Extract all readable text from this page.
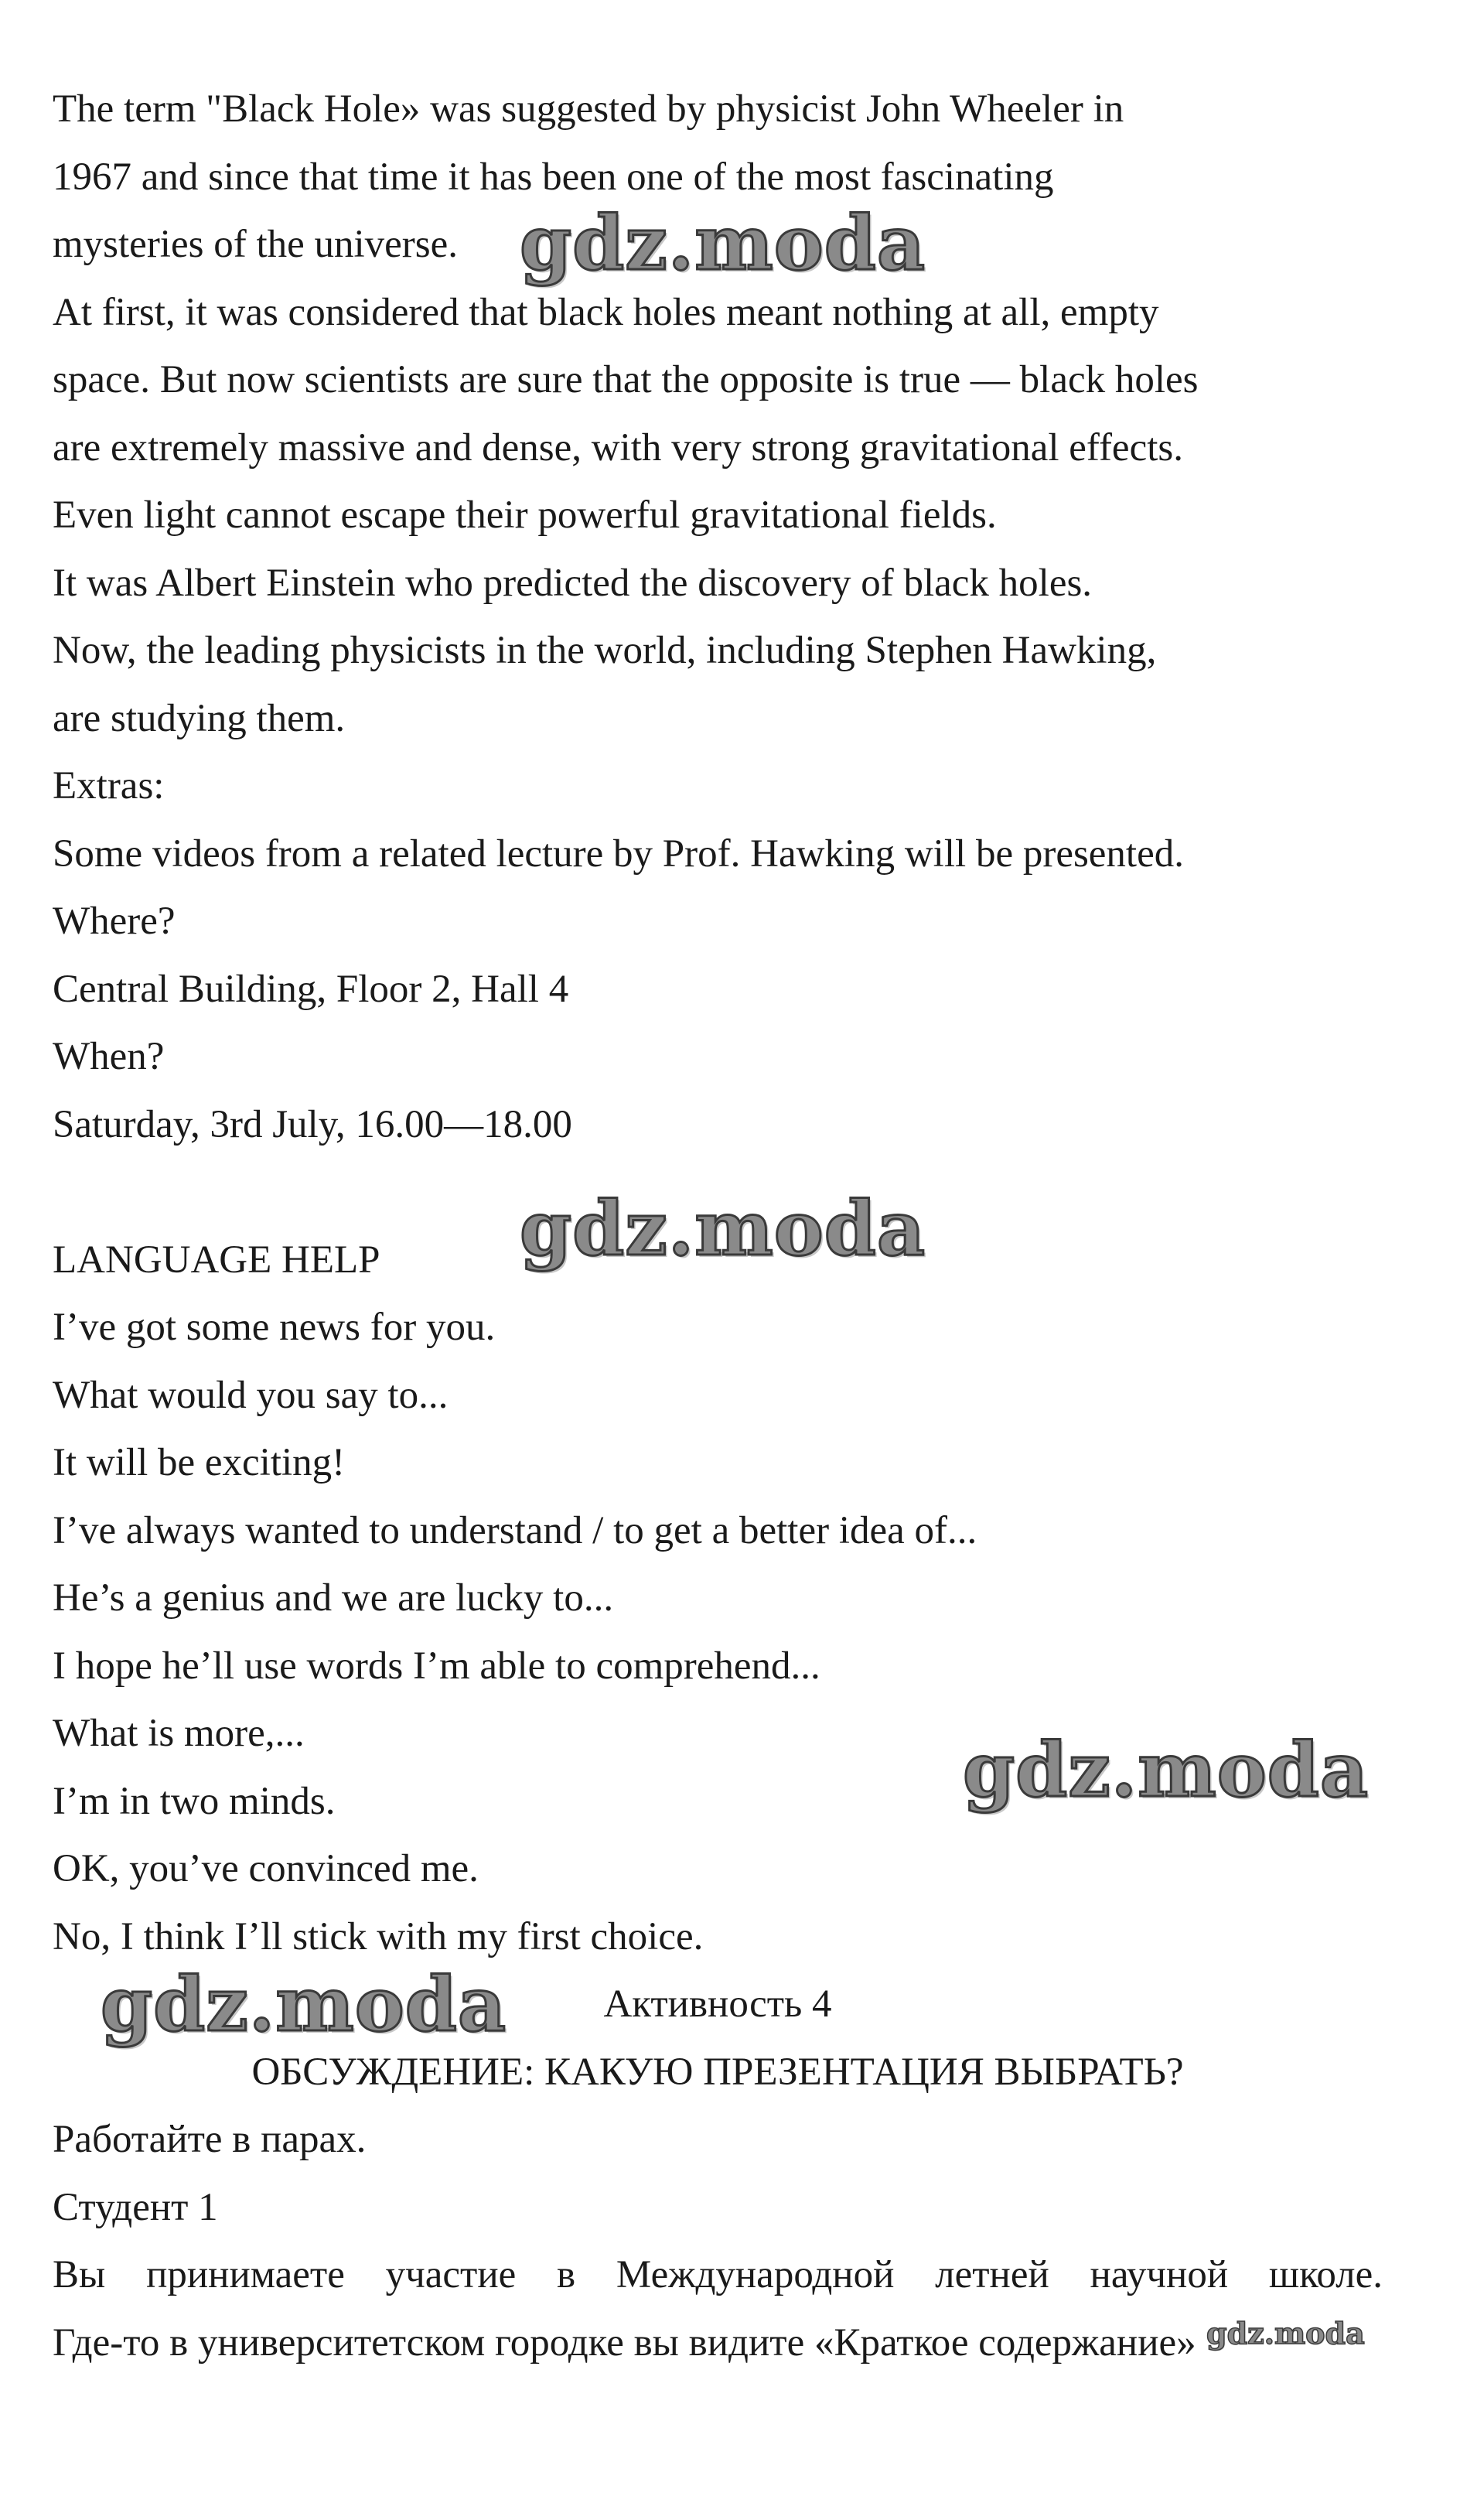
The term "Black Hole» was suggested by physicist John Wheeler in

1967 and since that time it has been one of the most fascinating

mysteries of the universe.

At first, it was considered that black holes meant nothing at all, empty

space. But now scientists are sure that the opposite is true — black holes

are extremely massive and dense, with very strong gravitational effects.

Even light cannot escape their powerful gravitational fields.

It was Albert Einstein who predicted the discovery of black holes.

Now, the leading physicists in the world, including Stephen Hawking,

are studying them.

Extras:

Some videos from a related lecture by Prof. Hawking will be presented.

Where?

Central Building, Floor 2, Hall 4

When?

Saturday, 3rd July, 16.00—18.00

LANGUAGE HELP

I’ve got some news for you.

What would you say to...

It will be exciting!

I’ve always wanted to understand / to get a better idea of...

He’s a genius and we are lucky to...

I hope he’ll use words I’m able to comprehend...

What is more,...

I’m in two minds.

OK, you’ve convinced me.

No, I think I’ll stick with my first choice.

Активность 4

ОБСУЖДЕНИЕ: КАКУЮ ПРЕЗЕНТАЦИЯ ВЫБРАТЬ?

Работайте в парах.

Студент 1

Вы принимаете участие в Международной летней научной школе.

Где-то в университетском городке вы видите «Краткое содержание»

gdz.moda
gdz.moda
gdz.moda
gdz.moda
gdz.moda
